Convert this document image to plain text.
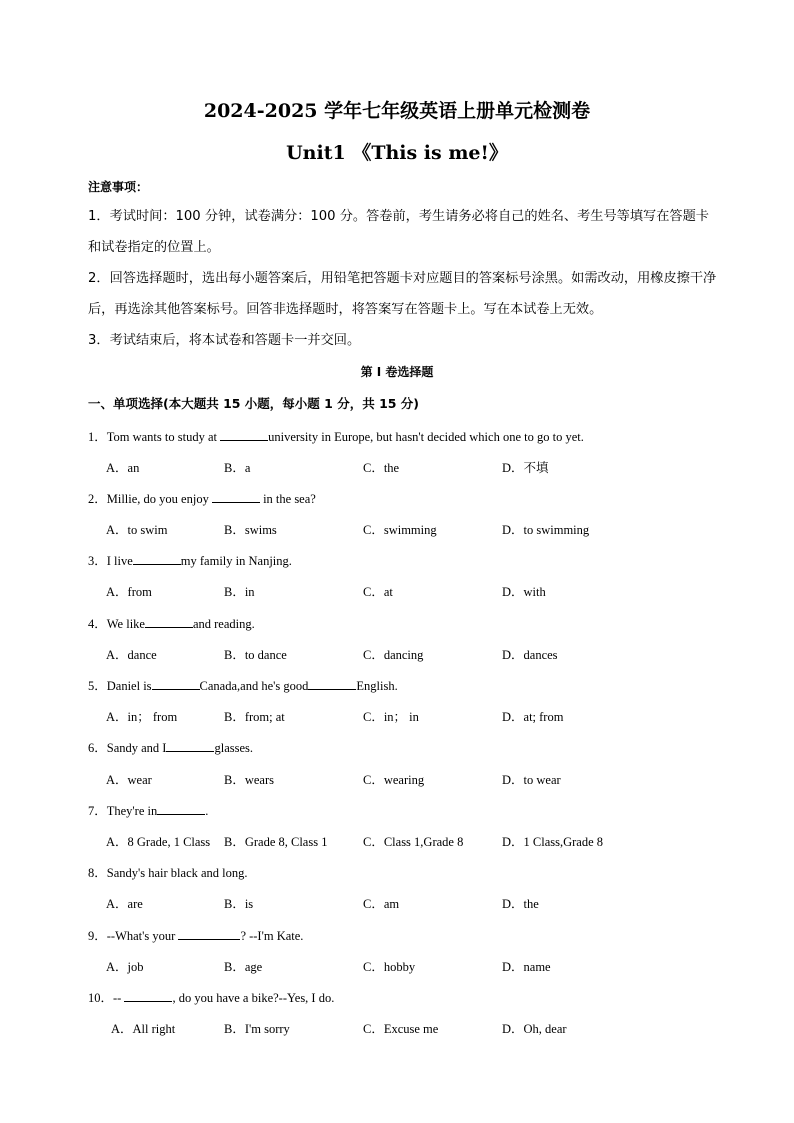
2024-2025 学年七年级英语上册单元检测卷
Unit1 《This is me!》
注意事项：
1．考试时间：100 分钟，试卷满分：100 分。答卷前，考生请务必将自己的姓名、考生号等填写在答题卡和试卷指定的位置上。
2．回答选择题时，选出每小题答案后，用铅笔把答题卡对应题目的答案标号涂黑。如需改动，用橡皮擦干净后，再选涂其他答案标号。回答非选择题时，将答案写在答题卡上。写在本试卷上无效。
3．考试结束后，将本试卷和答题卡一并交回。
第 I 卷选择题
一、单项选择(本大题共 15 小题，每小题 1 分，共 15 分)
1．Tom wants to study at	university in Europe, but hasn't decided which one to go to yet.
A．an	B．a	C．the	D．不填
2．Millie, do you enjoy	in the sea?
A．to swim	B．swims	C．swimming	D．to swimming
3．I live	my family in Nanjing.
A．from	B．in	C．at	D．with
4．We like	and reading.
A．dance	B．to dance	C．dancing	D．dances
5．Daniel is	Canada,and he's good	English.
A．in； from	B．from; at	C．in； in	D．at; from
6．Sandy and I	glasses.
A．wear	B．wears	C．wearing	D．to wear
7．They're in	.
A．8 Grade, 1 Class B．Grade 8, Class 1	C．Class 1,Grade 8	D．1 Class,Grade 8
8．Sandy's hair black and long.
A．are	B．is	C．am	D．the
9．--What's your	? --I'm Kate.
A．job	B．age	C．hobby	D．name
10．--	, do you have a bike?--Yes, I do.
A．All right	B．I'm sorry	C．Excuse me	D．Oh, dear
